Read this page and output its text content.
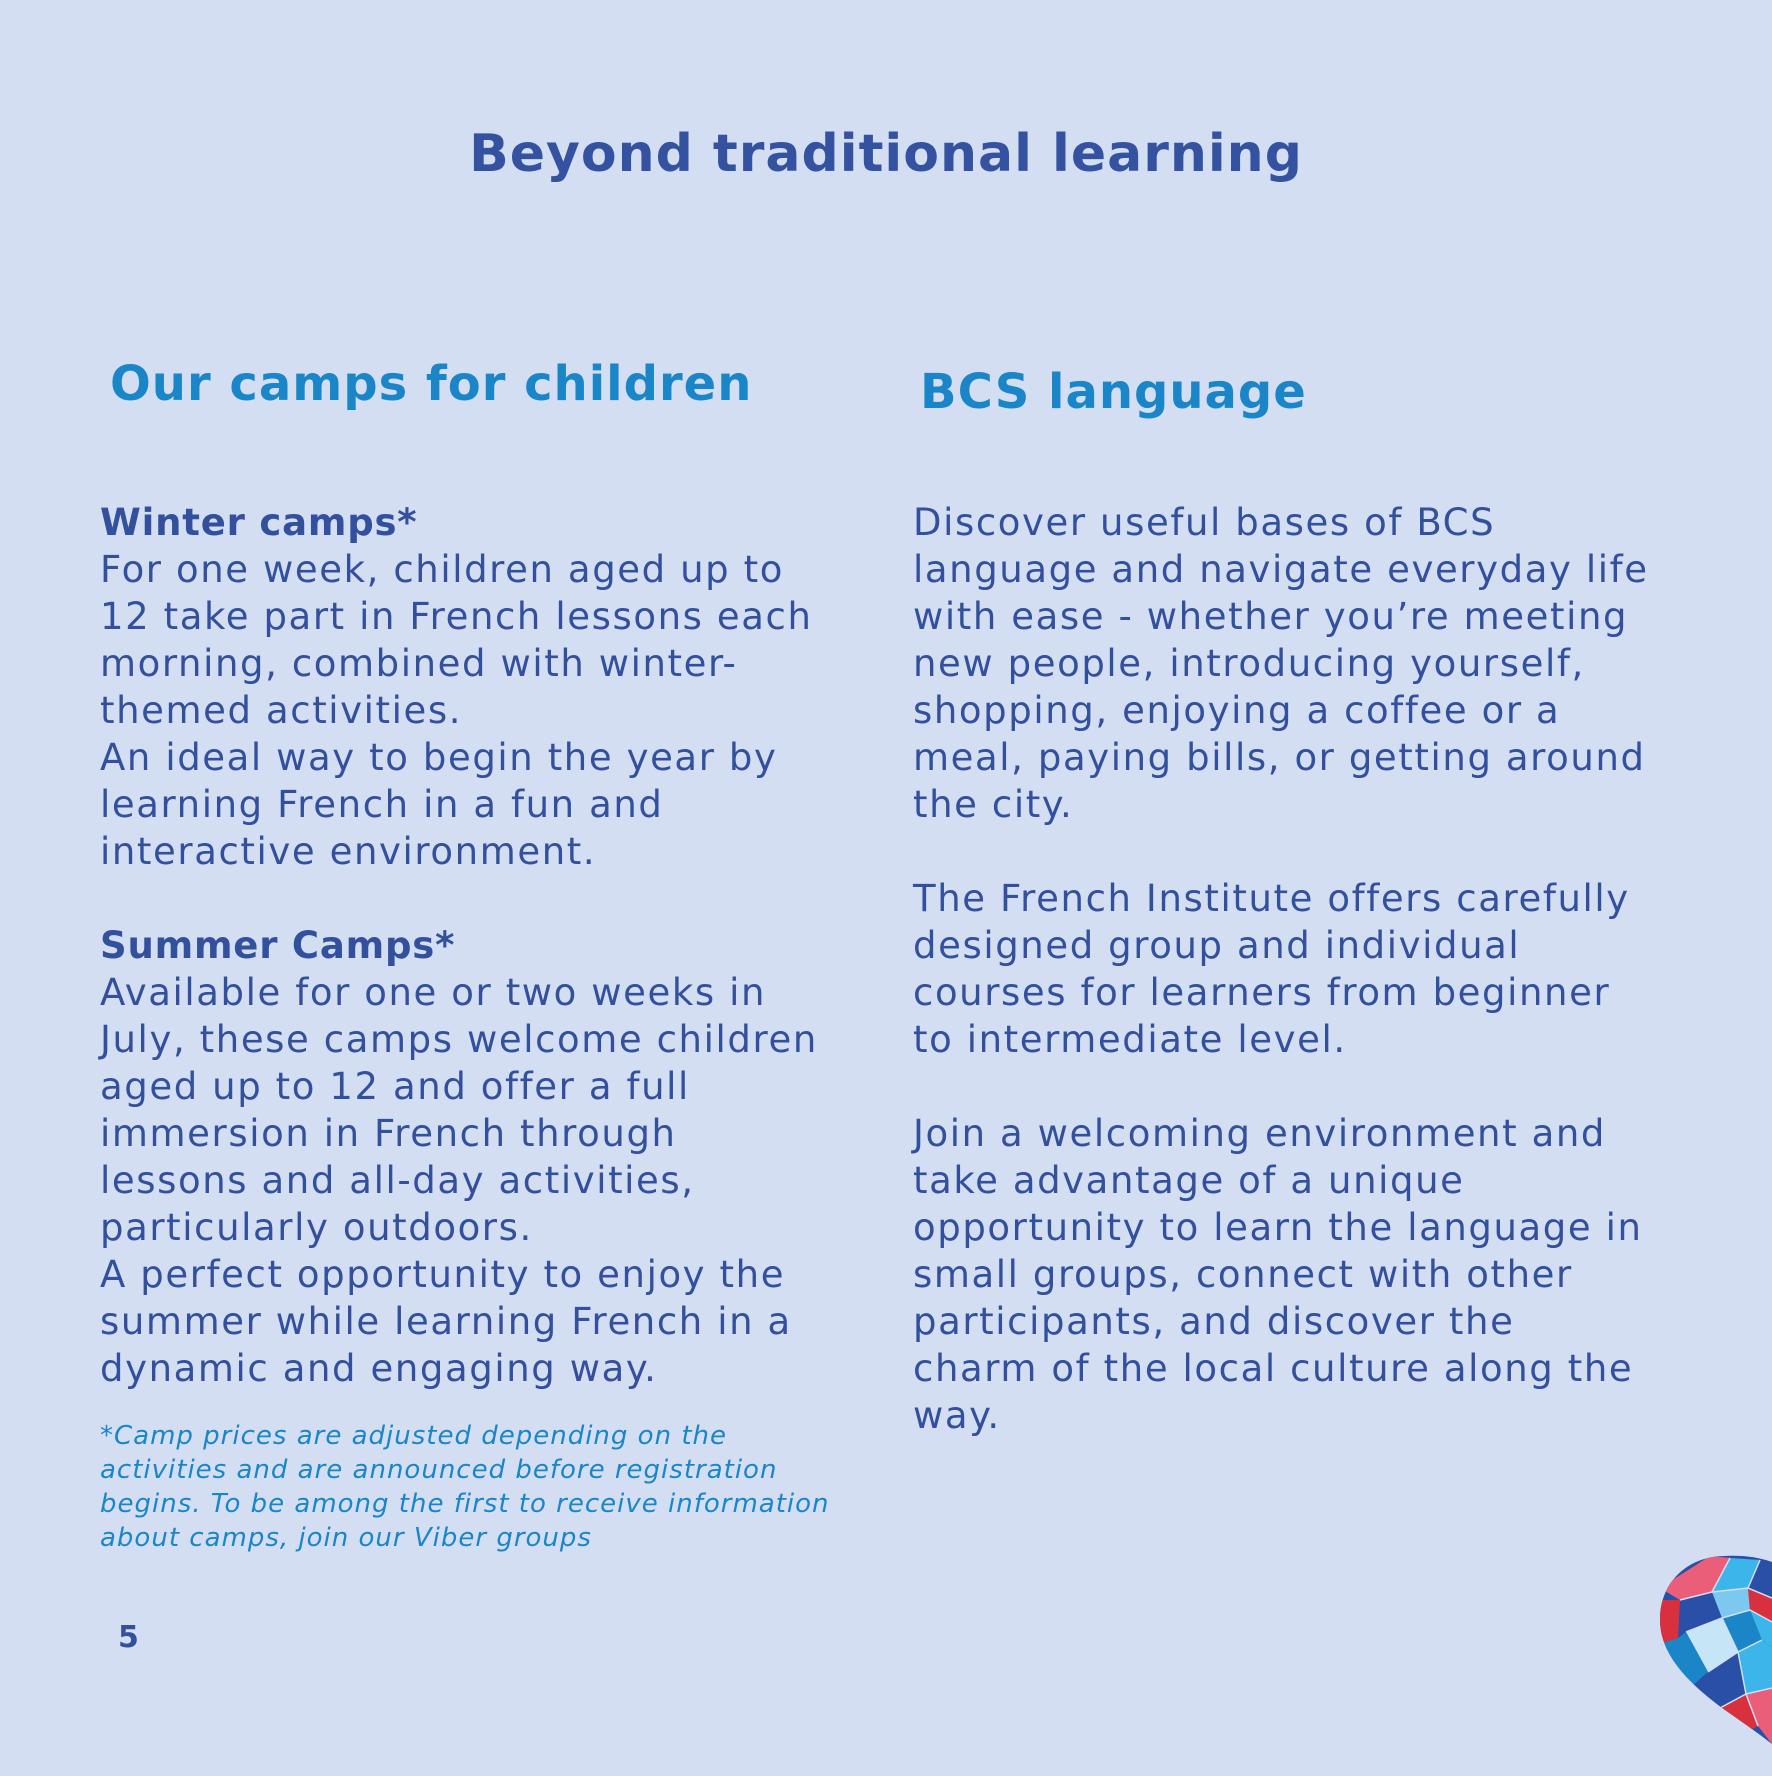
Beyond traditional learning
Our camps for children	BCS language
Winter camps*
For one week, children aged up to
12 take part in French lessons each
morning, combined with winter-
themed activities.
An ideal way to begin the year by
learning French in a fun and
interactive environment.
Summer Camps*
Available for one or two weeks in
July, these camps welcome children
aged up to 12 and offer a full
immersion in French through
lessons and all-day activities,
particularly outdoors.
A perfect opportunity to enjoy the
summer while learning French in a
dynamic and engaging way.
*Camp prices are adjusted depending on the
activities and are announced before registration
begins. To be among the first to receive information
about camps, join our Viber groups
Discover useful bases of BCS
language and navigate everyday life
with ease - whether you’re meeting
new people, introducing yourself,
shopping, enjoying a coffee or a
meal, paying bills, or getting around
the city.
The French Institute offers carefully
designed group and individual
courses for learners from beginner
to intermediate level.
Join a welcoming environment and
take advantage of a unique
opportunity to learn the language in
small groups, connect with other
participants, and discover the
charm of the local culture along the
way.
5
